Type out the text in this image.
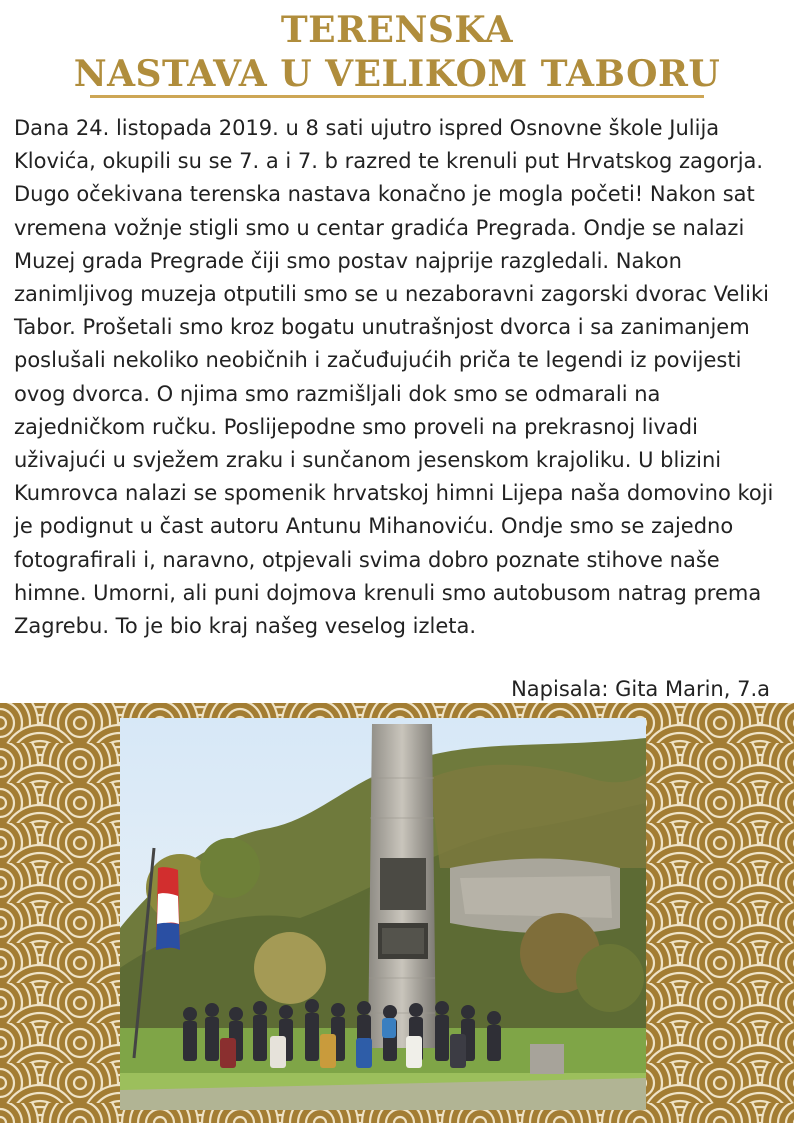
TERENSKA
NASTAVA U VELIKOM TABORU

Dana 24. listopada 2019. u 8 sati ujutro ispred Osnovne škole Julija Klovića, okupili su se 7. a i 7. b razred te krenuli put Hrvatskog zagorja. Dugo očekivana terenska nastava konačno je mogla početi! Nakon sat vremena vožnje stigli smo u centar gradića Pregrada. Ondje se nalazi Muzej grada Pregrade čiji smo postav najprije razgledali. Nakon zanimljivog muzeja otputili smo se u nezaboravni zagorski dvorac Veliki Tabor. Prošetali smo kroz bogatu unutrašnjost dvorca i sa zanimanjem poslušali nekoliko neobičnih i začuđujućih priča te legendi iz povijesti ovog dvorca. O njima smo razmišljali dok smo se odmarali na zajedničkom ručku. Poslijepodne smo proveli na prekrasnoj livadi uživajući u svježem zraku i sunčanom jesenskom krajoliku. U blizini Kumrovca nalazi se spomenik hrvatskoj himni Lijepa naša domovino koji je podignut u čast autoru Antunu Mihanoviću. Ondje smo se zajedno fotografirali i, naravno, otpjevali svima dobro poznate stihove naše himne. Umorni, ali puni dojmova krenuli smo autobusom natrag prema Zagrebu. To je bio kraj našeg veselog izleta.

Napisala: Gita Marin, 7.a
